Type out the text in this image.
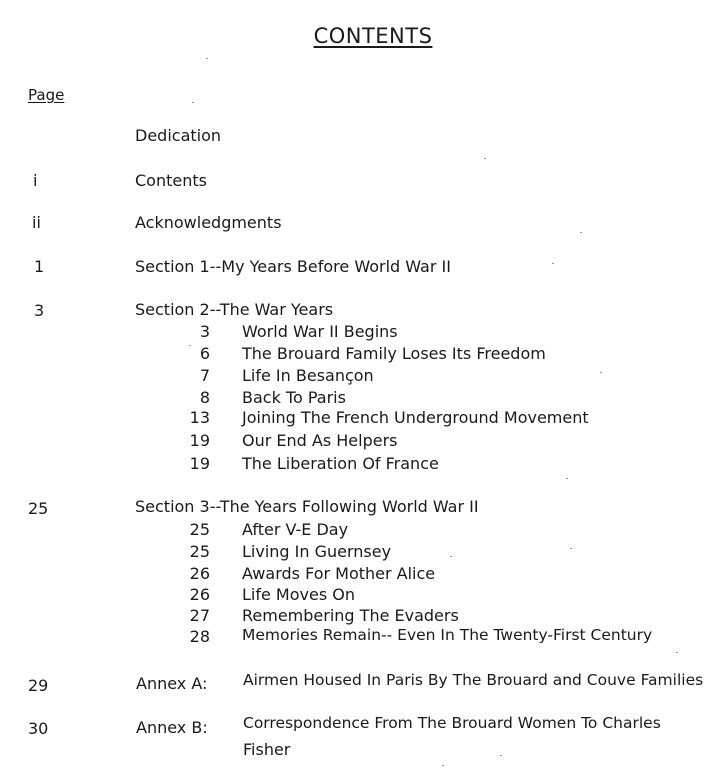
CONTENTS
Page
Dedication
i	Contents
ii	Acknowledgments
1	Section 1--My Years Before World War II
3	Section 2--The War Years
3 World War II Begins
6 The Brouard Family Loses Its Freedom
7 Life In Besançon
8 Back To Paris
13 Joining The French Underground Movement
19 Our End As Helpers
19 The Liberation Of France
25	Section 3--The Years Following World War II
25 After V-E Day
25 Living In Guernsey
26 Awards For Mother Alice
26 Life Moves On
27 Remembering The Evaders
28 Memories Remain-- Even In The Twenty-First Century
29	Annex A: Airmen Housed In Paris By The Brouard and Couve Families
30	Annex B: Correspondence From The Brouard Women To Charles
Fisher
